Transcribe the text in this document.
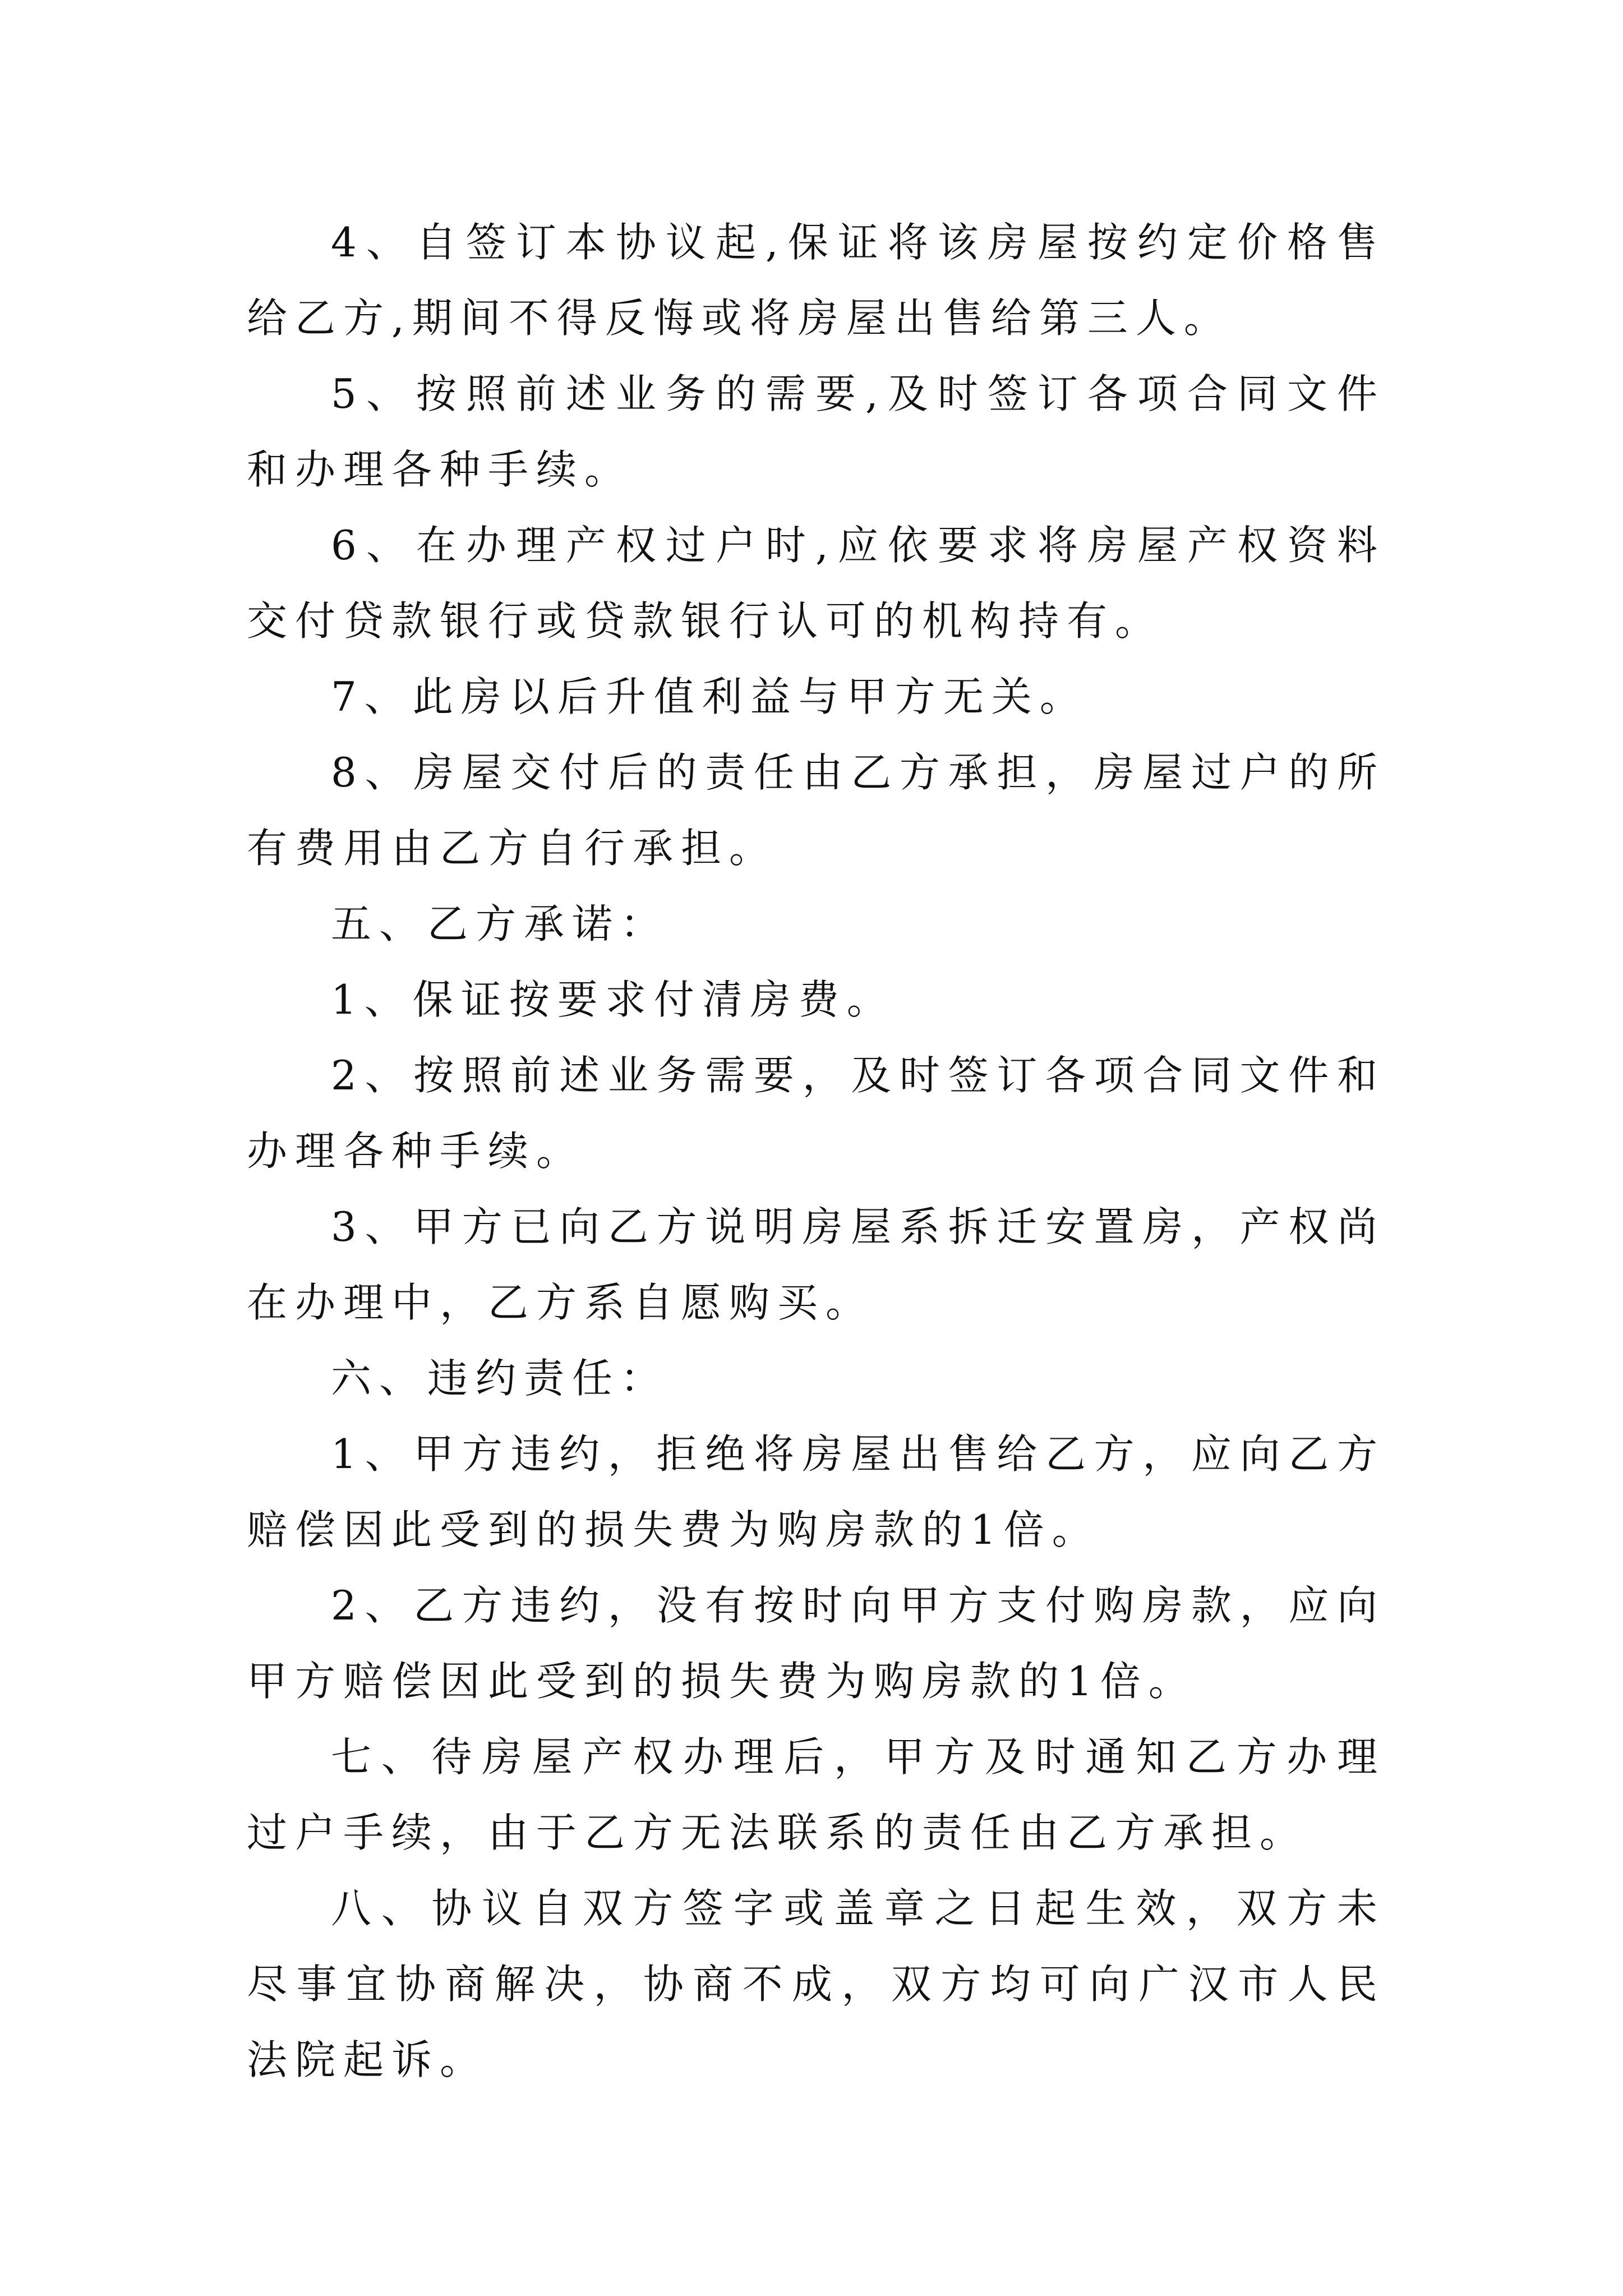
4、自签订本协议起,保证将该房屋按约定价格售给乙方,期间不得反悔或将房屋出售给第三人。

5、按照前述业务的需要,及时签订各项合同文件和办理各种手续。

6、在办理产权过户时,应依要求将房屋产权资料交付贷款银行或贷款银行认可的机构持有。

7、此房以后升值利益与甲方无关。

8、房屋交付后的责任由乙方承担，房屋过户的所有费用由乙方自行承担。

五、乙方承诺：

1、保证按要求付清房费。

2、按照前述业务需要，及时签订各项合同文件和办理各种手续。

3、甲方已向乙方说明房屋系拆迁安置房，产权尚在办理中，乙方系自愿购买。

六、违约责任：

1、甲方违约，拒绝将房屋出售给乙方，应向乙方赔偿因此受到的损失费为购房款的1倍。

2、乙方违约，没有按时向甲方支付购房款，应向甲方赔偿因此受到的损失费为购房款的1倍。

七、待房屋产权办理后，甲方及时通知乙方办理过户手续，由于乙方无法联系的责任由乙方承担。

八、协议自双方签字或盖章之日起生效，双方未尽事宜协商解决，协商不成，双方均可向广汉市人民法院起诉。
